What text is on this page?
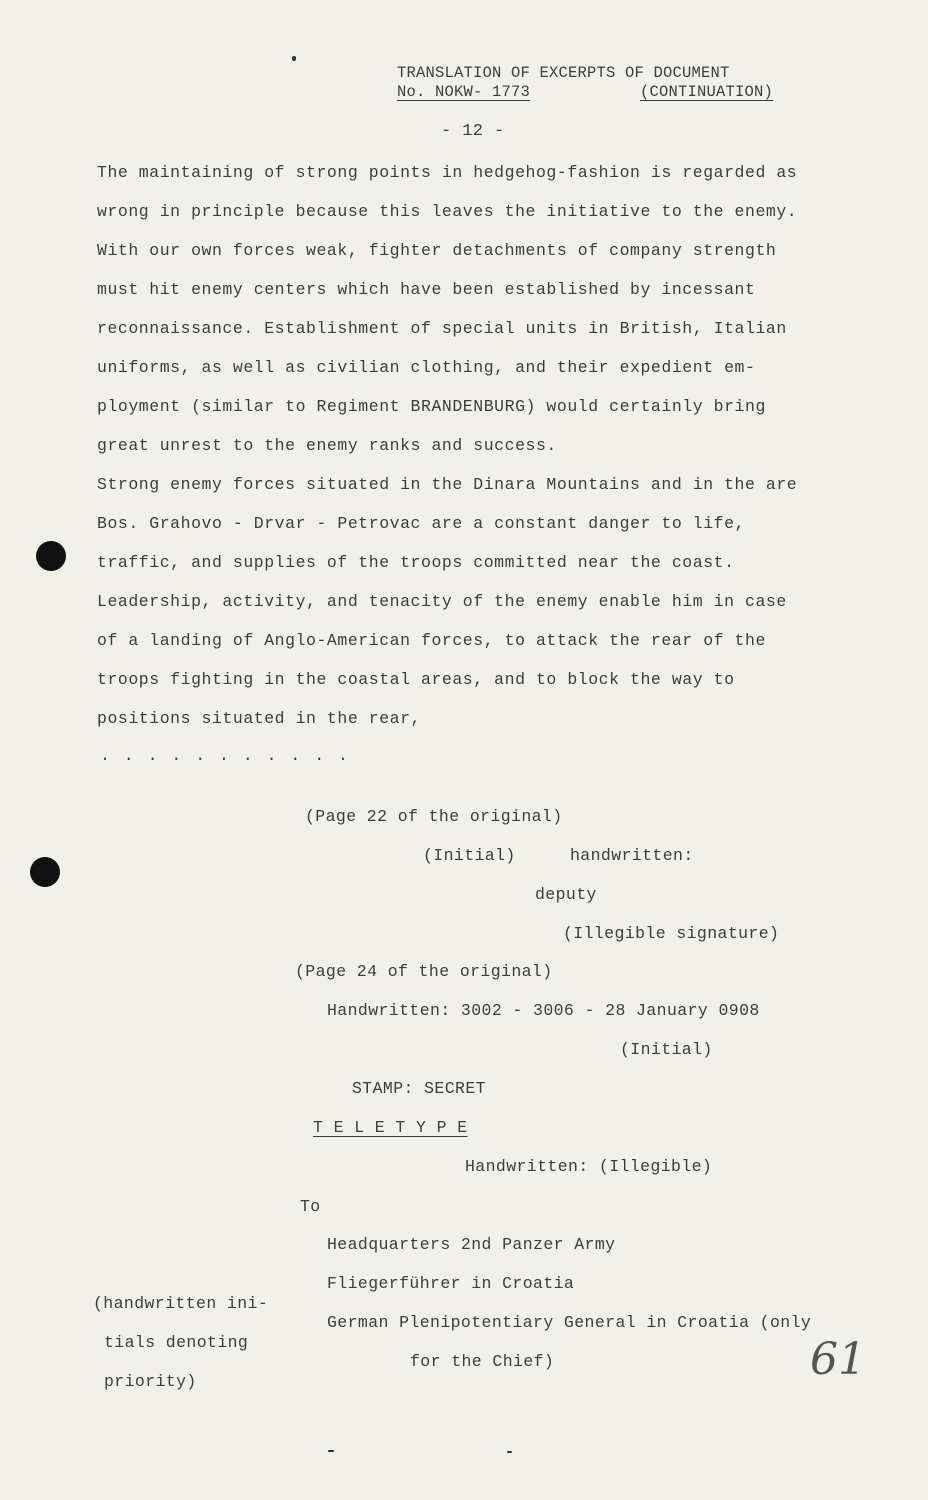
TRANSLATION OF EXCERPTS OF DOCUMENT
No. NOKW- 1773	(CONTINUATION)
- 12 -
The maintaining of strong points in hedgehog-fashion is regarded as
wrong in principle because this leaves the initiative to the enemy.
With our own forces weak, fighter detachments of company strength
must hit enemy centers which have been established by incessant
reconnaissance. Establishment of special units in British, Italian
uniforms, as well as civilian clothing, and their expedient em-
ployment (similar to Regiment BRANDENBURG) would certainly bring
great unrest to the enemy ranks and success.
Strong enemy forces situated in the Dinara Mountains and in the are
Bos. Grahovo - Drvar - Petrovac are a constant danger to life,
traffic, and supplies of the troops committed near the coast.
Leadership, activity, and tenacity of the enemy enable him in case
of a landing of Anglo-American forces, to attack the rear of the
troops fighting in the coastal areas, and to block the way to
positions situated in the rear,
. . . . . . . . . . .
(Page 22 of the original)
(Initial)	handwritten:
deputy
(Illegible signature)
(Page 24 of the original)
Handwritten: 3002 - 3006 - 28 January 0908
(Initial)
STAMP: SECRET
T E L E T Y P E
Handwritten: (Illegible)
To
Headquarters 2nd Panzer Army
Fliegerführer in Croatia
German Plenipotentiary General in Croatia (only
for the Chief)
(handwritten ini-
tials denoting
priority)	61
